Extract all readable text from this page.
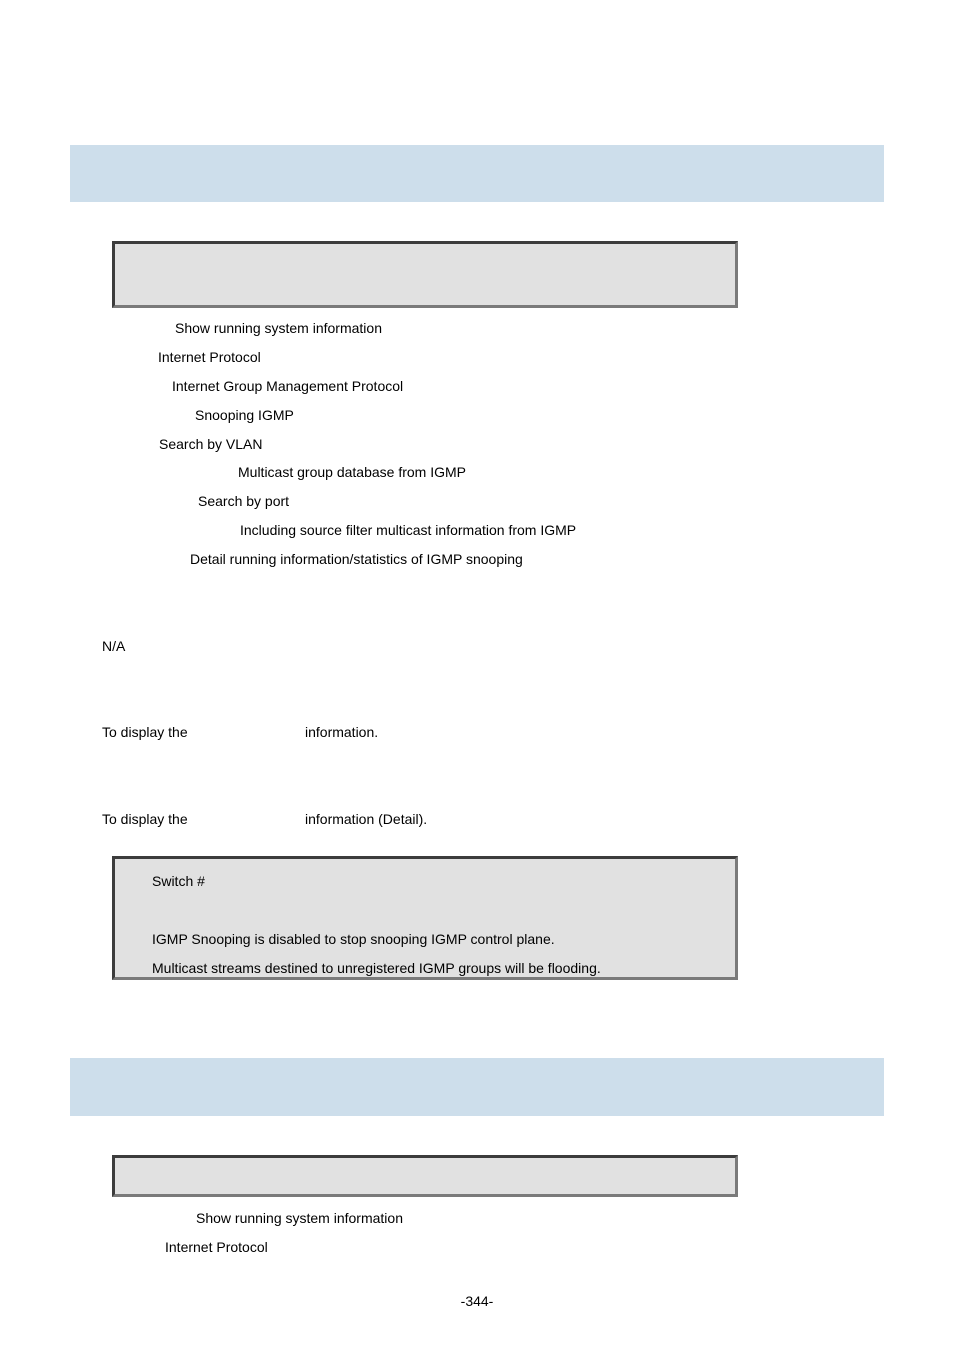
Show running system information
Internet Protocol
Internet Group Management Protocol
Snooping IGMP
Search by VLAN
Multicast group database from IGMP
Search by port
Including source filter multicast information from IGMP
Detail running information/statistics of IGMP snooping
N/A
To display the	information.
To display the	information (Detail).
Switch #
IGMP Snooping is disabled to stop snooping IGMP control plane.
Multicast streams destined to unregistered IGMP groups will be flooding.
Show running system information
Internet Protocol
-344-
